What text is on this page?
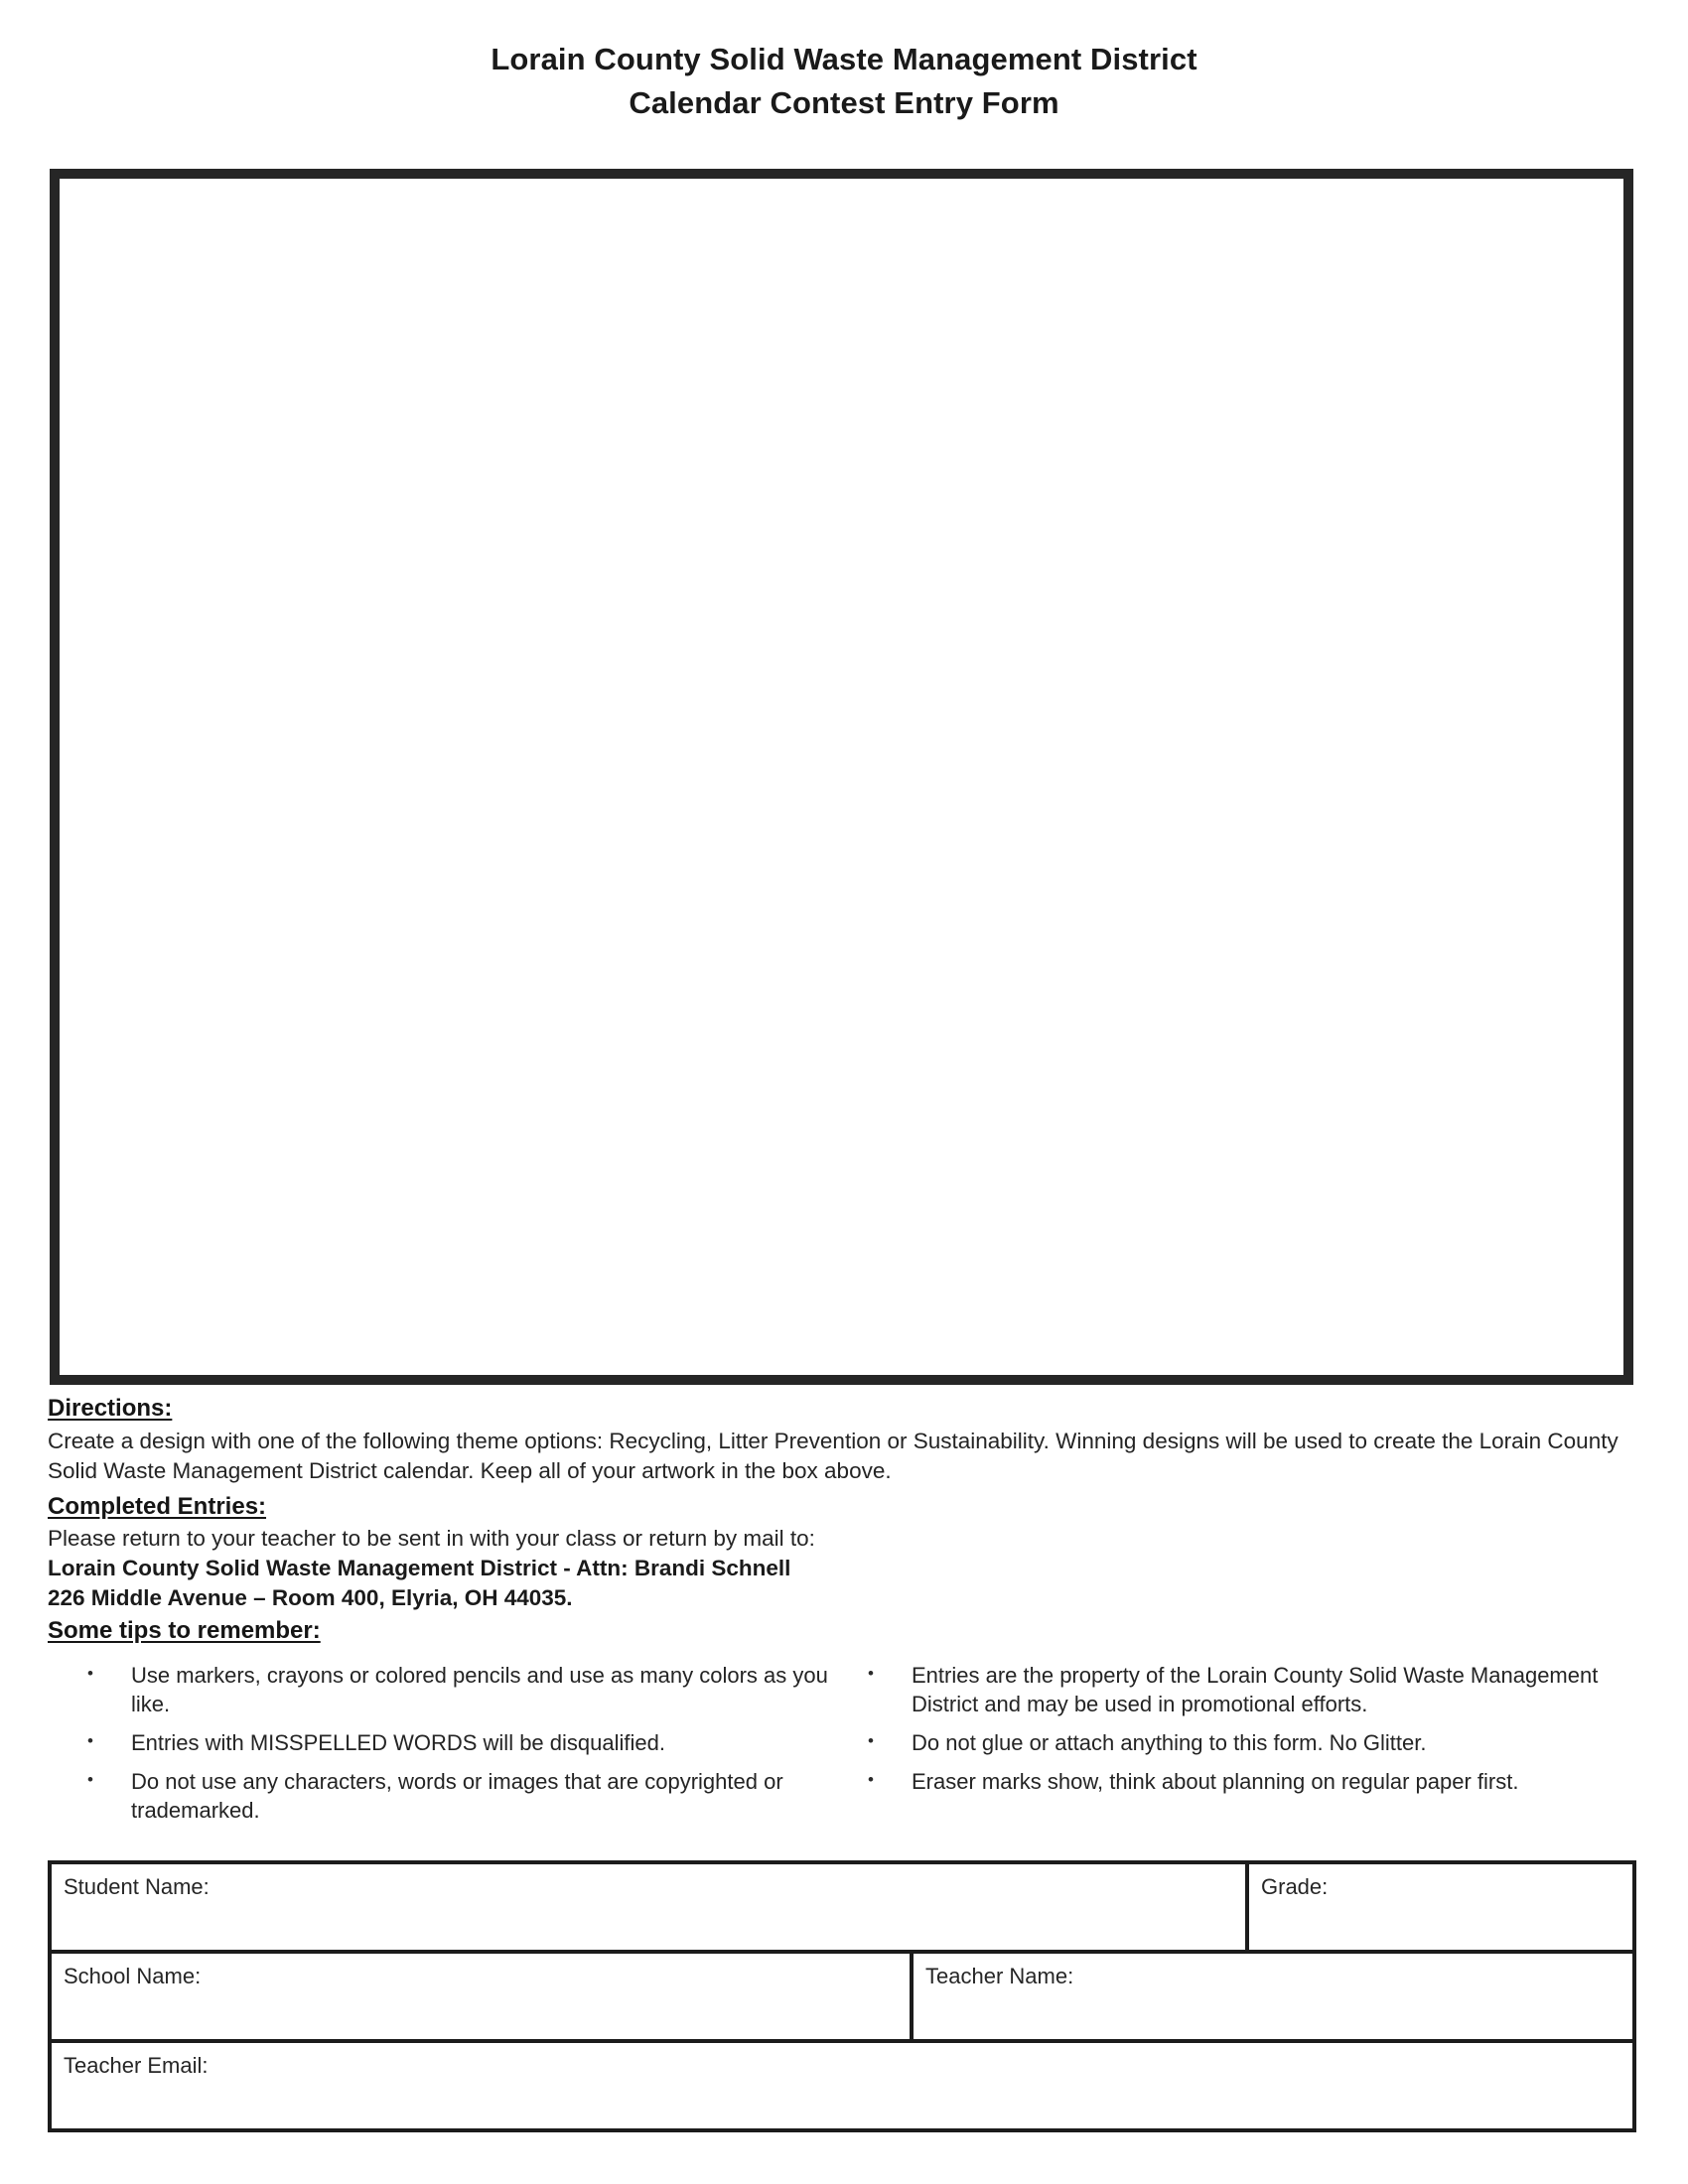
Lorain County Solid Waste Management District
Calendar Contest Entry Form
Directions:

Create a design with one of the following theme options: Recycling, Litter Prevention or Sustainability. Winning designs will be used to create the Lorain County Solid Waste Management District calendar. Keep all of your artwork in the box above.

Completed Entries:

Please return to your teacher to be sent in with your class or return by mail to:

Lorain County Solid Waste Management District - Attn: Brandi Schnell

226 Middle Avenue – Room 400, Elyria, OH 44035.

Some tips to remember:
•	Use markers, crayons or colored pencils and use as many colors as you like.
•	Entries with MISSPELLED WORDS will be disqualified.
•	Do not use any characters, words or images that are copyrighted or trademarked.
•	Entries are the property of the Lorain County Solid Waste Management District and may be used in promotional efforts.
•	Do not glue or attach anything to this form. No Glitter.
•	Eraser marks show, think about planning on regular paper first.
Student Name:	Grade:
School Name:	Teacher Name:
Teacher Email:
